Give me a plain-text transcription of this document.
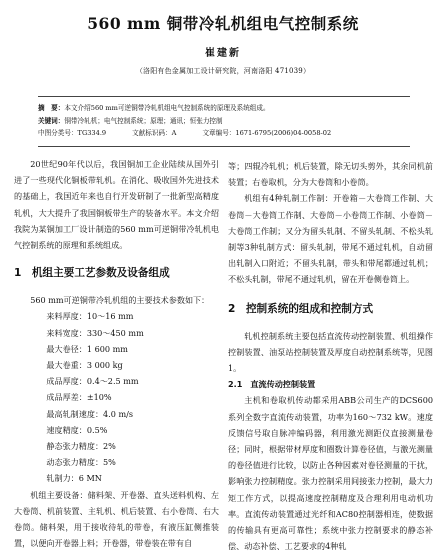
560 mm 铜带冷轧机组电气控制系统
崔建新
（洛阳有色金属加工设计研究院，河南洛阳 471039）
摘　要：本文介绍560 mm可逆铜带冷轧机组电气控制系统的原理及系统组成。
关键词：铜带冷轧机；电气控制系统；原理；通讯；恒张力控制
中图分类号：TG334.9	文献标识码：A	文章编号：1671-6795(2006)04-0058-02

20世纪90年代以后，我国铜加工企业陆续从国外引进了一些现代化铜板带轧机。在消化、吸收国外先进技术的基础上，我国近年来也自行开发研制了一批新型高精度轧机，大大提升了我国铜板带生产的装备水平。本文介绍我院为某铜加工厂设计制造的560 mm可逆铜带冷轧机电气控制系统的原理和系统组成。

1　机组主要工艺参数及设备组成

560 mm可逆铜带冷轧机组的主要技术参数如下：

来料厚度：10～16 mm

来料宽度：330～450 mm

最大卷径：1 600 mm

最大卷重：3 000 kg

成品厚度：0.4～2.5 mm

成品厚差：±10%

最高轧制速度：4.0 m/s

速度精度：0.5%

静态张力精度：2%

动态张力精度：5%

轧制力：6 MN

机组主要设备：储料架、开卷器、直头送料机构、左大卷筒、机前装置、主轧机、机后装置、右小卷筒、右大卷筒。储料架，用于接收待轧的带卷，有液压缸侧推装置，以便向开卷器上料；开卷器，带卷装在带有自

等；四辊冷轧机；机后装置，除无切头剪外，其余同机前装置；右卷取机，分为大卷筒和小卷筒。

机组有4种轧制工作制：开卷箱－大卷筒工作制、大卷筒－大卷筒工作制、大卷筒－小卷筒工作制、小卷筒－大卷筒工作制；又分为留头轧制、不留头轧制、不松头轧制等3种轧制方式：留头轧制，带尾不通过轧机，自动留出轧制入口附近；不留头轧制，带头和带尾都通过轧机；不松头轧制，带尾不通过轧机，留在开卷侧卷筒上。

2　控制系统的组成和控制方式

轧机控制系统主要包括直流传动控制装置、机组操作控制装置、油泵站控制装置及厚度自动控制系统等，见图1。

2.1　直流传动控制装置

主机和卷取机传动都采用ABB公司生产的DCS600系列全数字直流传动装置，功率为160～732 kW。速度反馈信号取自脉冲编码器，利用激光测距仪直接测量卷径；同时，根据带材厚度和圈数计算卷径值，与激光测量的卷径值进行比较，以防止各种因素对卷径测量的干扰，影响张力控制精度。张力控制采用间接张力控制，最大力矩工作方式，以提高速度控制精度及合理利用电动机功率。直流传动装置通过光纤和AC80控制器相连，使数据的传输具有更高可靠性；系统中张力控制要求的静态补偿、动态补偿、工艺要求的4种轧
